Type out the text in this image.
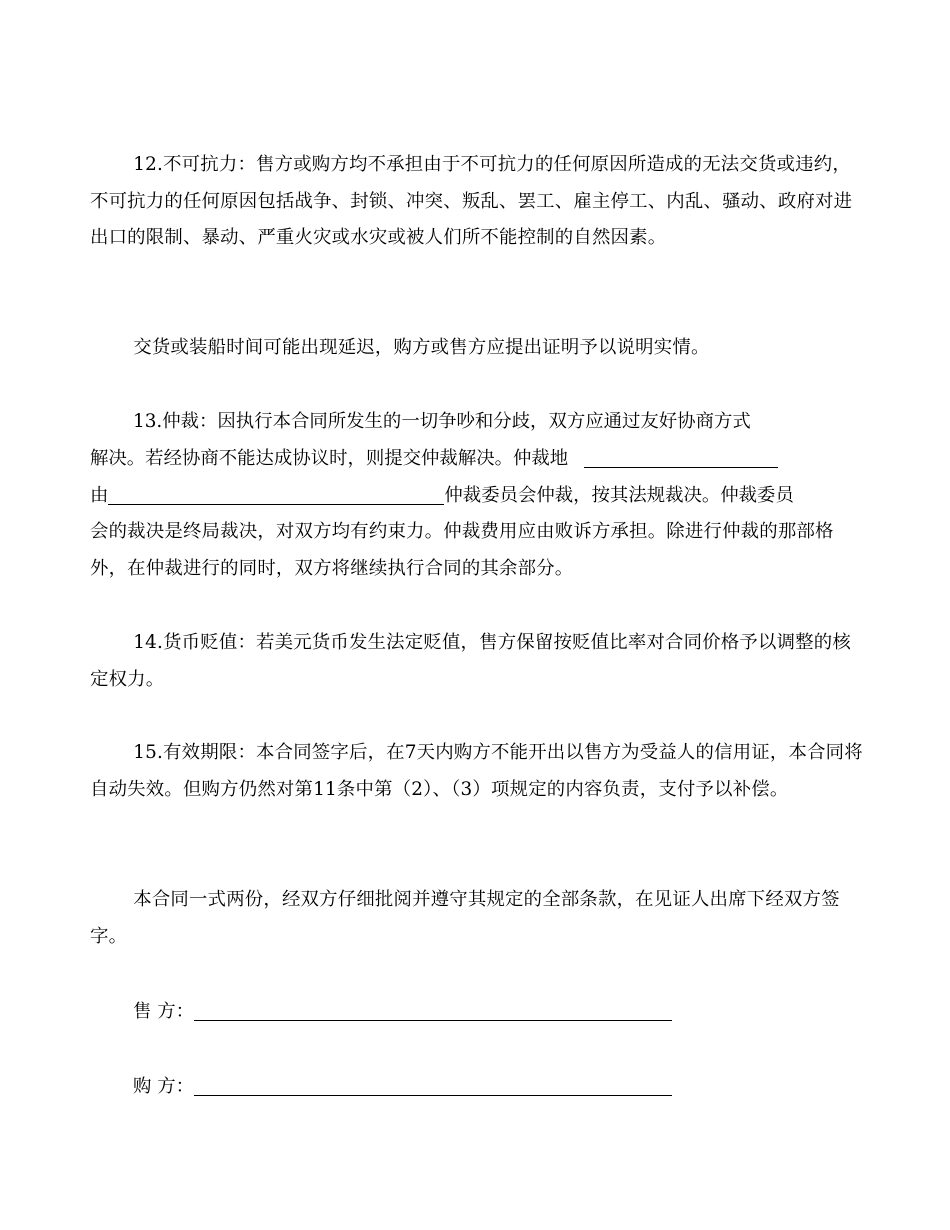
12.不可抗力：售方或购方均不承担由于不可抗力的任何原因所造成的无法交货或违约，不可抗力的任何原因包括战争、封锁、冲突、叛乱、罢工、雇主停工、内乱、骚动、政府对进出口的限制、暴动、严重火灾或水灾或被人们所不能控制的自然因素。

交货或装船时间可能出现延迟，购方或售方应提出证明予以说明实情。

13.仲裁：因执行本合同所发生的一切争吵和分歧，双方应通过友好协商方式
解决。若经协商不能达成协议时，则提交仲裁解决。仲裁地
由	仲裁委员会仲裁，按其法规裁决。仲裁委员

会的裁决是终局裁决，对双方均有约束力。仲裁费用应由败诉方承担。除进行仲裁的那部格外，在仲裁进行的同时，双方将继续执行合同的其余部分。

14.货币贬值：若美元货币发生法定贬值，售方保留按贬值比率对合同价格予以调整的核定权力。

15.有效期限：本合同签字后，在7天内购方不能开出以售方为受益人的信用证，本合同将自动失效。但购方仍然对第11条中第（2）、（3）项规定的内容负责，支付予以补偿。

本合同一式两份，经双方仔细批阅并遵守其规定的全部条款，在见证人出席下经双方签字。

售 方：
购 方：
